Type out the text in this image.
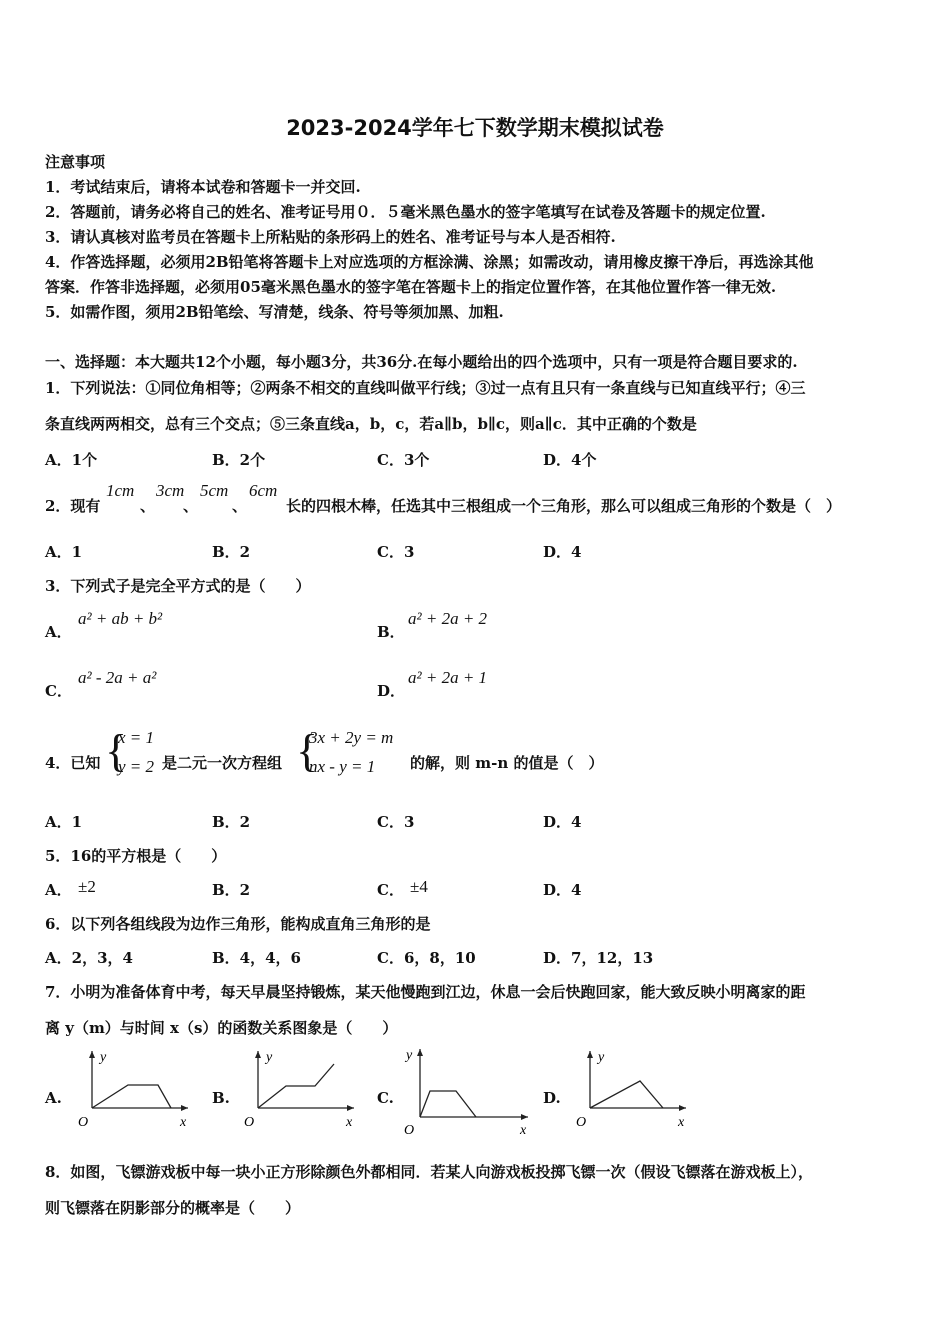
2023-2024学年七下数学期末模拟试卷
注意事项
1．考试结束后，请将本试卷和答题卡一并交回.
2．答题前，请务必将自己的姓名、准考证号用０．５毫米黑色墨水的签字笔填写在试卷及答题卡的规定位置.
3．请认真核对监考员在答题卡上所粘贴的条形码上的姓名、准考证号与本人是否相符.
4．作答选择题，必须用2B铅笔将答题卡上对应选项的方框涂满、涂黑；如需改动，请用橡皮擦干净后，再选涂其他
答案．作答非选择题，必须用05毫米黑色墨水的签字笔在答题卡上的指定位置作答，在其他位置作答一律无效.
5．如需作图，须用2B铅笔绘、写清楚，线条、符号等须加黑、加粗.
一、选择题：本大题共12个小题，每小题3分，共36分.在每小题给出的四个选项中，只有一项是符合题目要求的.
1．下列说法：①同位角相等；②两条不相交的直线叫做平行线；③过一点有且只有一条直线与已知直线平行；④三
条直线两两相交，总有三个交点；⑤三条直线a，b，c，若a∥b，b∥c，则a∥c．其中正确的个数是
A．1个	B．2个	C．3个	D．4个
2．现有
1cm
、
3cm
、
5cm
、
6cm
长的四根木棒，任选其中三根组成一个三角形，那么可以组成三角形的个数是（　）
A．1	B．2	C．3	D．4
3．下列式子是完全平方式的是（　　）
A．
a² + ab + b²
B．
a² + 2a + 2
C．
a² - 2a + a²
D．
a² + 2a + 1
4．已知 {
x = 1
y = 2 是二元一次方程组 {
3x + 2y = m
nx - y = 1 的解，则 m-n 的值是（　）
A．1	B．2	C．3	D．4
5．16的平方根是（　　）
A． ±2	B．2	C． ±4	D．4
6．以下列各组线段为边作三角形，能构成直角三角形的是
A．2，3，4	B．4，4，6	C．6，8，10	D．7，12，13
7．小明为准备体育中考，每天早晨坚持锻炼，某天他慢跑到江边，休息一会后快跑回家，能大致反映小明离家的距
离 y（m）与时间 x（s）的函数关系图象是（　　）
A.	B.	C.	D.
y
x
O
y
x
O
y
x
O
y
x
O
8．如图，飞镖游戏板中每一块小正方形除颜色外都相同．若某人向游戏板投掷飞镖一次（假设飞镖落在游戏板上），
则飞镖落在阴影部分的概率是（　　）
